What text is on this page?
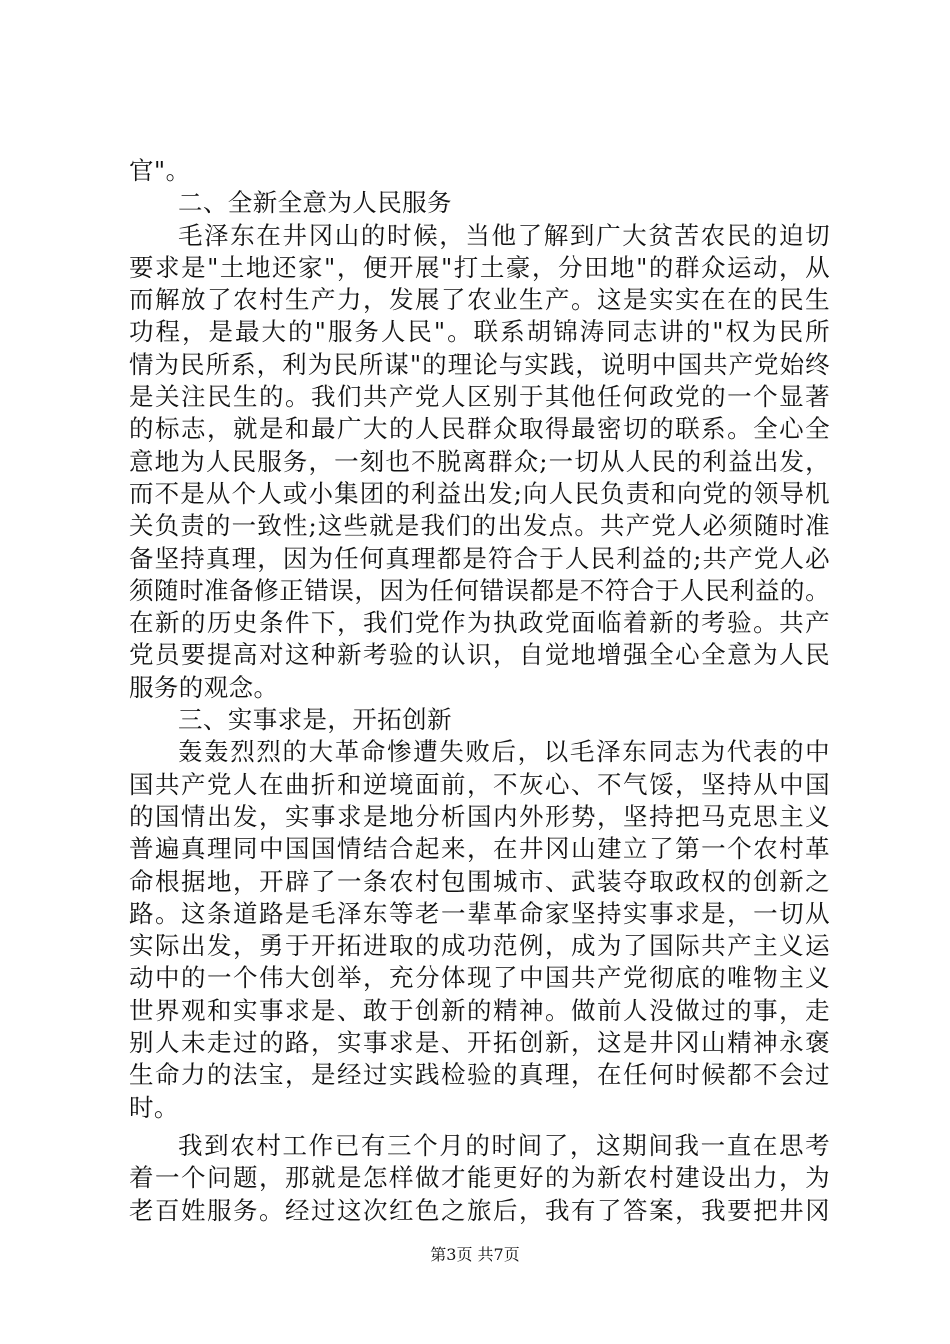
官"。
二、全新全意为人民服务
毛泽东在井冈山的时候，当他了解到广大贫苦农民的迫切
要求是"土地还家"，便开展"打土豪，分田地"的群众运动，从
而解放了农村生产力，发展了农业生产。这是实实在在的民生
功程，是最大的"服务人民"。联系胡锦涛同志讲的"权为民所
情为民所系，利为民所谋"的理论与实践，说明中国共产党始终
是关注民生的。我们共产党人区别于其他任何政党的一个显著
的标志，就是和最广大的人民群众取得最密切的联系。全心全
意地为人民服务，一刻也不脱离群众;一切从人民的利益出发，
而不是从个人或小集团的利益出发;向人民负责和向党的领导机
关负责的一致性;这些就是我们的出发点。共产党人必须随时准
备坚持真理，因为任何真理都是符合于人民利益的;共产党人必
须随时准备修正错误，因为任何错误都是不符合于人民利益的。
在新的历史条件下，我们党作为执政党面临着新的考验。共产
党员要提高对这种新考验的认识，自觉地增强全心全意为人民
服务的观念。
三、实事求是，开拓创新
轰轰烈烈的大革命惨遭失败后，以毛泽东同志为代表的中
国共产党人在曲折和逆境面前，不灰心、不气馁，坚持从中国
的国情出发，实事求是地分析国内外形势，坚持把马克思主义
普遍真理同中国国情结合起来，在井冈山建立了第一个农村革
命根据地，开辟了一条农村包围城市、武装夺取政权的创新之
路。这条道路是毛泽东等老一辈革命家坚持实事求是，一切从
实际出发，勇于开拓进取的成功范例，成为了国际共产主义运
动中的一个伟大创举，充分体现了中国共产党彻底的唯物主义
世界观和实事求是、敢于创新的精神。做前人没做过的事，走
别人未走过的路，实事求是、开拓创新，这是井冈山精神永褒
生命力的法宝，是经过实践检验的真理，在任何时候都不会过
时。
我到农村工作已有三个月的时间了，这期间我一直在思考
着一个问题，那就是怎样做才能更好的为新农村建设出力，为
老百姓服务。经过这次红色之旅后，我有了答案，我要把井冈
第3页 共7页
